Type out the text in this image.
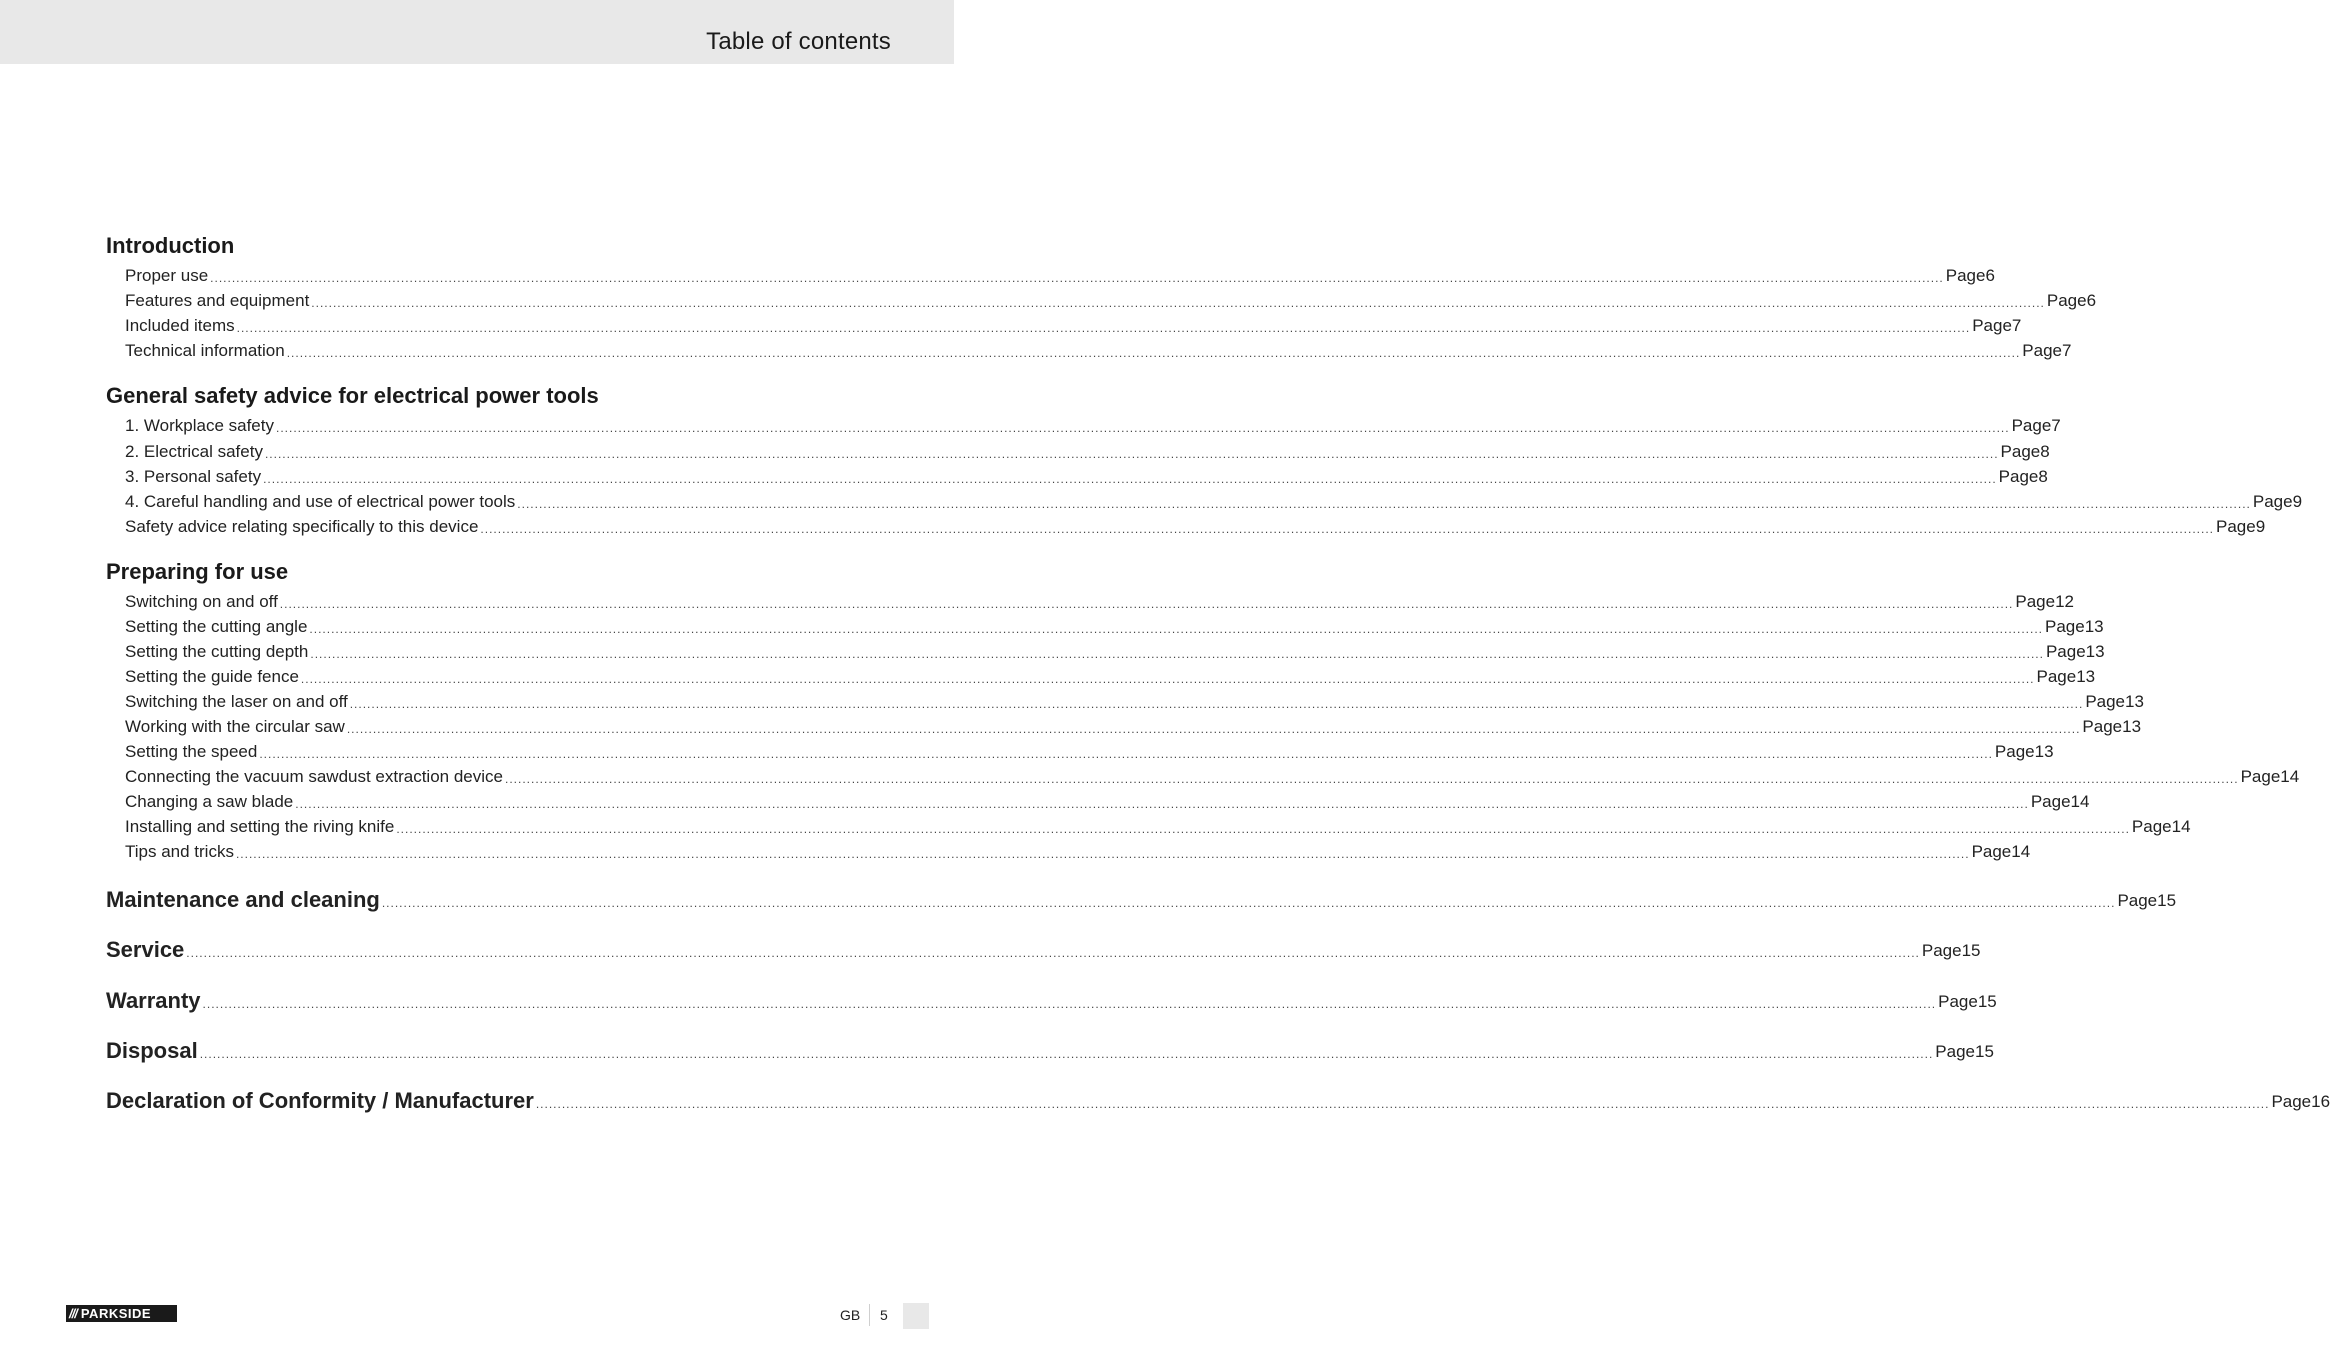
Table of contents
Introduction
Proper use ................................................................................................................................................................................................................................................................................................................................................................................................................ Page 6
Features and equipment ................................................................................................................................................................................................................................................................................................................................................................................................................ Page 6
Included items ................................................................................................................................................................................................................................................................................................................................................................................................................ Page 7
Technical information ................................................................................................................................................................................................................................................................................................................................................................................................................ Page 7
General safety advice for electrical power tools
1. Workplace safety ................................................................................................................................................................................................................................................................................................................................................................................................................ Page 7
2. Electrical safety ................................................................................................................................................................................................................................................................................................................................................................................................................ Page 8
3. Personal safety ................................................................................................................................................................................................................................................................................................................................................................................................................ Page 8
4. Careful handling and use of electrical power tools ................................................................................................................................................................................................................................................................................................................................................................................................................ Page 9
Safety advice relating specifically to this device ................................................................................................................................................................................................................................................................................................................................................................................................................ Page 9
Preparing for use
Switching on and off ................................................................................................................................................................................................................................................................................................................................................................................................................ Page 12
Setting the cutting angle ................................................................................................................................................................................................................................................................................................................................................................................................................ Page 13
Setting the cutting depth ................................................................................................................................................................................................................................................................................................................................................................................................................ Page 13
Setting the guide fence ................................................................................................................................................................................................................................................................................................................................................................................................................ Page 13
Switching the laser on and off ................................................................................................................................................................................................................................................................................................................................................................................................................ Page 13
Working with the circular saw ................................................................................................................................................................................................................................................................................................................................................................................................................ Page 13
Setting the speed ................................................................................................................................................................................................................................................................................................................................................................................................................ Page 13
Connecting the vacuum sawdust extraction device ................................................................................................................................................................................................................................................................................................................................................................................................................ Page 14
Changing a saw blade ................................................................................................................................................................................................................................................................................................................................................................................................................ Page 14
Installing and setting the riving knife ................................................................................................................................................................................................................................................................................................................................................................................................................ Page 14
Tips and tricks ................................................................................................................................................................................................................................................................................................................................................................................................................ Page 14
Maintenance and cleaning ................................................................................................................................................................................................................................................................................................................................................................................................................ Page 15
Service ................................................................................................................................................................................................................................................................................................................................................................................................................ Page 15
Warranty ................................................................................................................................................................................................................................................................................................................................................................................................................ Page 15
Disposal ................................................................................................................................................................................................................................................................................................................................................................................................................ Page 15
Declaration of Conformity / Manufacturer ................................................................................................................................................................................................................................................................................................................................................................................................................ Page 16
/// PARKSIDE	GB 5
